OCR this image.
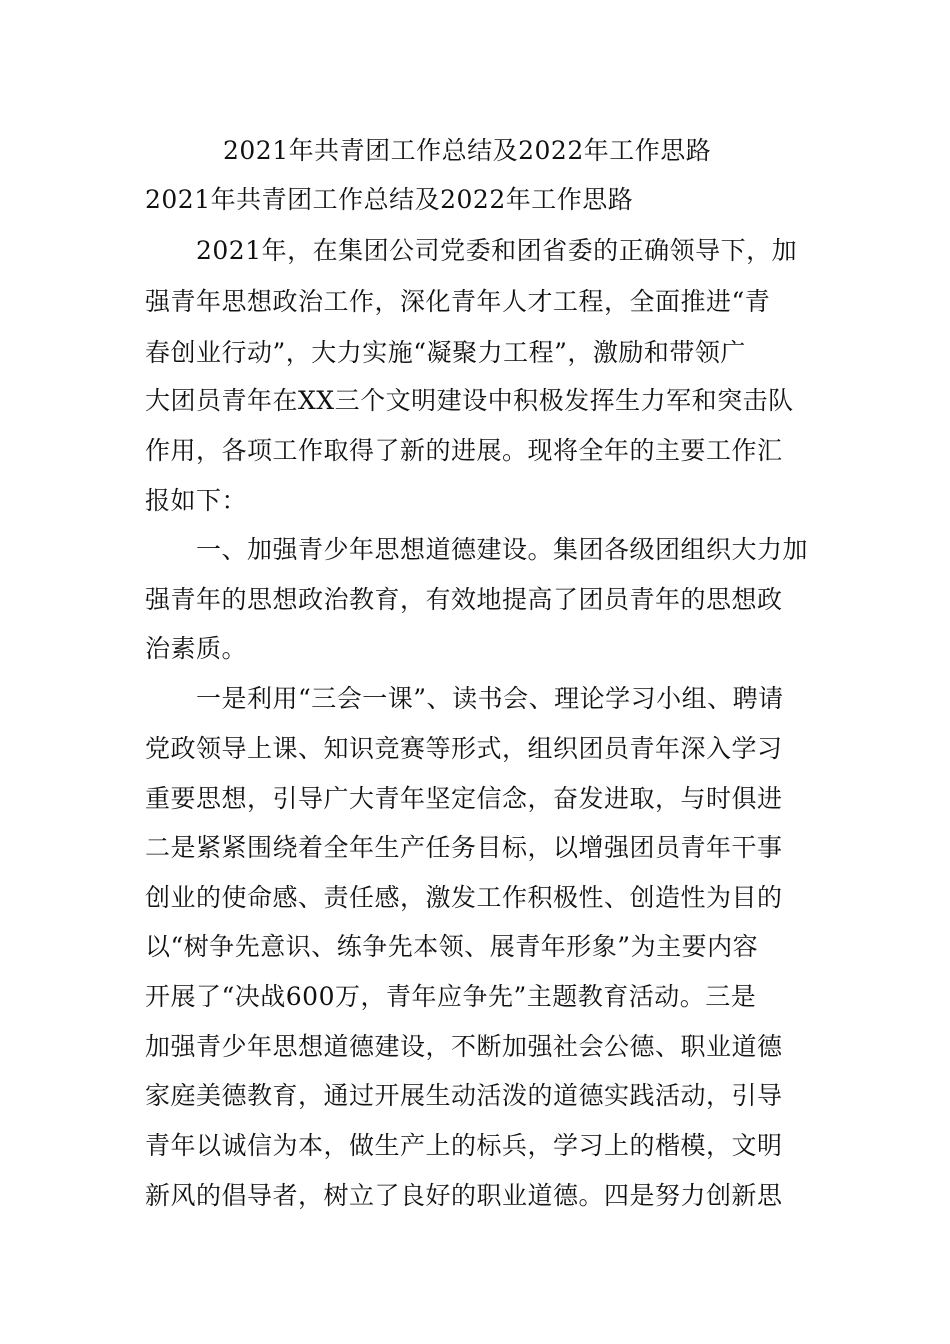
2021年共青团工作总结及2022年工作思路
2021年共青团工作总结及2022年工作思路
　　2021年，在集团公司党委和团省委的正确领导下，加
强青年思想政治工作，深化青年人才工程，全面推进“青
春创业行动”，大力实施“凝聚力工程”，激励和带领广
大团员青年在XX三个文明建设中积极发挥生力军和突击队
作用，各项工作取得了新的进展。现将全年的主要工作汇
报如下：
　　一、加强青少年思想道德建设。集团各级团组织大力加
强青年的思想政治教育，有效地提高了团员青年的思想政
治素质。
　　一是利用“三会一课”、读书会、理论学习小组、聘请
党政领导上课、知识竞赛等形式，组织团员青年深入学习
重要思想，引导广大青年坚定信念，奋发进取，与时俱进
二是紧紧围绕着全年生产任务目标，以增强团员青年干事
创业的使命感、责任感，激发工作积极性、创造性为目的
以“树争先意识、练争先本领、展青年形象”为主要内容
开展了“决战600万，青年应争先”主题教育活动。三是
加强青少年思想道德建设，不断加强社会公德、职业道德
家庭美德教育，通过开展生动活泼的道德实践活动，引导
青年以诚信为本，做生产上的标兵，学习上的楷模，文明
新风的倡导者，树立了良好的职业道德。四是努力创新思
